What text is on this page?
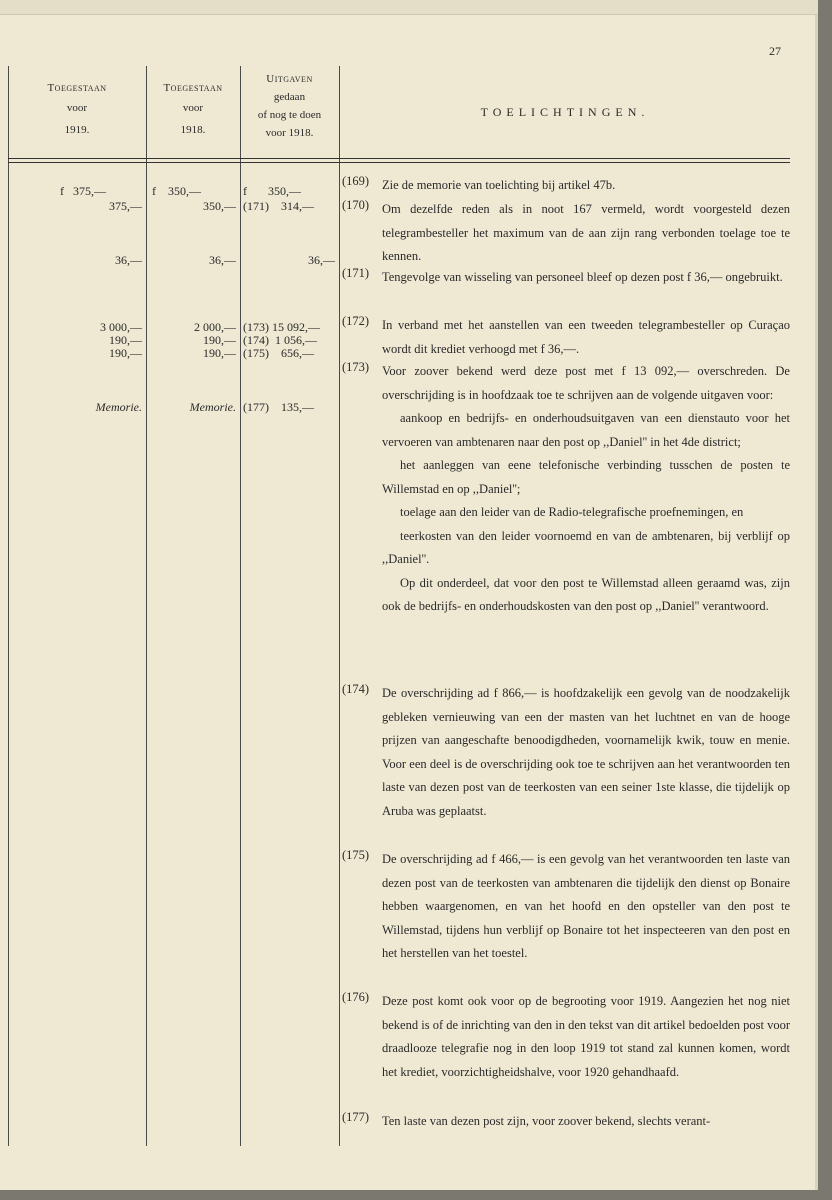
27
Toegestaan
voor
1919.
Toegestaan
voor
1918.
Uitgaven
gedaan
of nog te doen
voor 1918.
TOELICHTINGEN.
f   375,—
375,—
36,—
3 000,—
190,—
190,—
Memorie.
f    350,—
350,—
36,—
2 000,—
190,—
190,—
Memorie.
f       350,—
(171)    314,—
36,—
(173) 15 092,—
(174)  1 056,—
(175)    656,—
(177)    135,—
(169) Zie de memorie van toelichting bij artikel 47b.

(170) Om dezelfde reden als in noot 167 vermeld, wordt voorgesteld dezen telegrambesteller het maximum van de aan zijn rang verbonden toelage toe te kennen.

(171) Tengevolge van wisseling van personeel bleef op dezen post f 36,— ongebruikt.

(172) In verband met het aanstellen van een tweeden telegrambesteller op Curaçao wordt dit krediet verhoogd met f 36,—.

(173) Voor zoover bekend werd deze post met f 13 092,— overschreden. De overschrijding is in hoofdzaak toe te schrijven aan de volgende uitgaven voor:

aankoop en bedrijfs- en onderhoudsuitgaven van een dienstauto voor het vervoeren van ambtenaren naar den post op ,,Daniel'' in het 4de district;

het aanleggen van eene telefonische verbinding tusschen de posten te Willemstad en op ,,Daniel'';

toelage aan den leider van de Radio-telegrafische proefnemingen, en

teerkosten van den leider voornoemd en van de ambtenaren, bij verblijf op ,,Daniel''.

Op dit onderdeel, dat voor den post te Willemstad alleen geraamd was, zijn ook de bedrijfs- en onderhoudskosten van den post op ,,Daniel'' verantwoord.

(174) De overschrijding ad f 866,— is hoofdzakelijk een gevolg van de noodzakelijk gebleken vernieuwing van een der masten van het luchtnet en van de hooge prijzen van aangeschafte benoodigdheden, voornamelijk kwik, touw en menie. Voor een deel is de overschrijding ook toe te schrijven aan het verantwoorden ten laste van dezen post van de teerkosten van een seiner 1ste klasse, die tijdelijk op Aruba was geplaatst.

(175) De overschrijding ad f 466,— is een gevolg van het verantwoorden ten laste van dezen post van de teerkosten van ambtenaren die tijdelijk den dienst op Bonaire hebben waargenomen, en van het hoofd en den opsteller van den post te Willemstad, tijdens hun verblijf op Bonaire tot het inspecteeren van den post en het herstellen van het toestel.

(176) Deze post komt ook voor op de begrooting voor 1919. Aangezien het nog niet bekend is of de inrichting van den in den tekst van dit artikel bedoelden post voor draadlooze telegrafie nog in den loop 1919 tot stand zal kunnen komen, wordt het krediet, voorzichtigheidshalve, voor 1920 gehandhaafd.

(177) Ten laste van dezen post zijn, voor zoover bekend, slechts verant-
